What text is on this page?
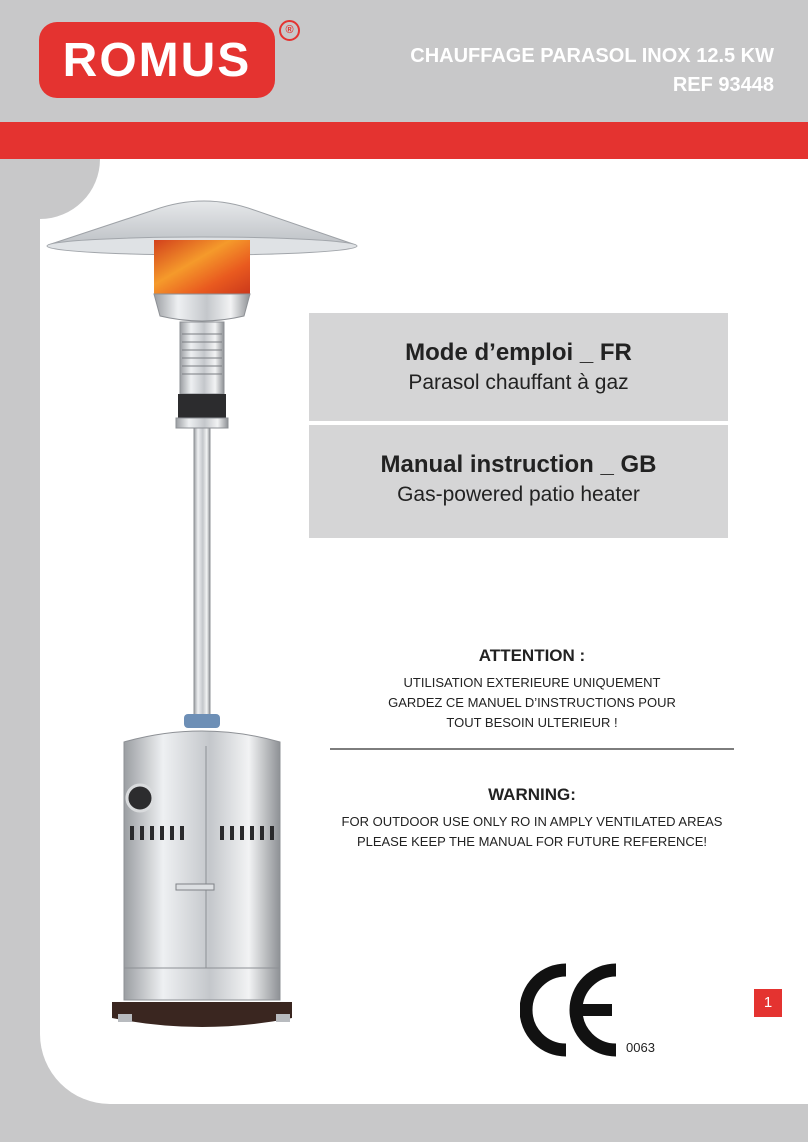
ROMUS
®
CHAUFFAGE PARASOL INOX 12.5 KW
REF 93448
Mode d’emploi _ FR
Parasol chauffant à gaz
Manual instruction _ GB
Gas-powered patio heater
ATTENTION :
UTILISATION EXTERIEURE UNIQUEMENT
GARDEZ CE MANUEL D’INSTRUCTIONS POUR
TOUT BESOIN ULTERIEUR !
WARNING:
FOR OUTDOOR USE ONLY RO IN AMPLY VENTILATED AREAS
PLEASE KEEP THE MANUAL FOR FUTURE REFERENCE!
0063
1
